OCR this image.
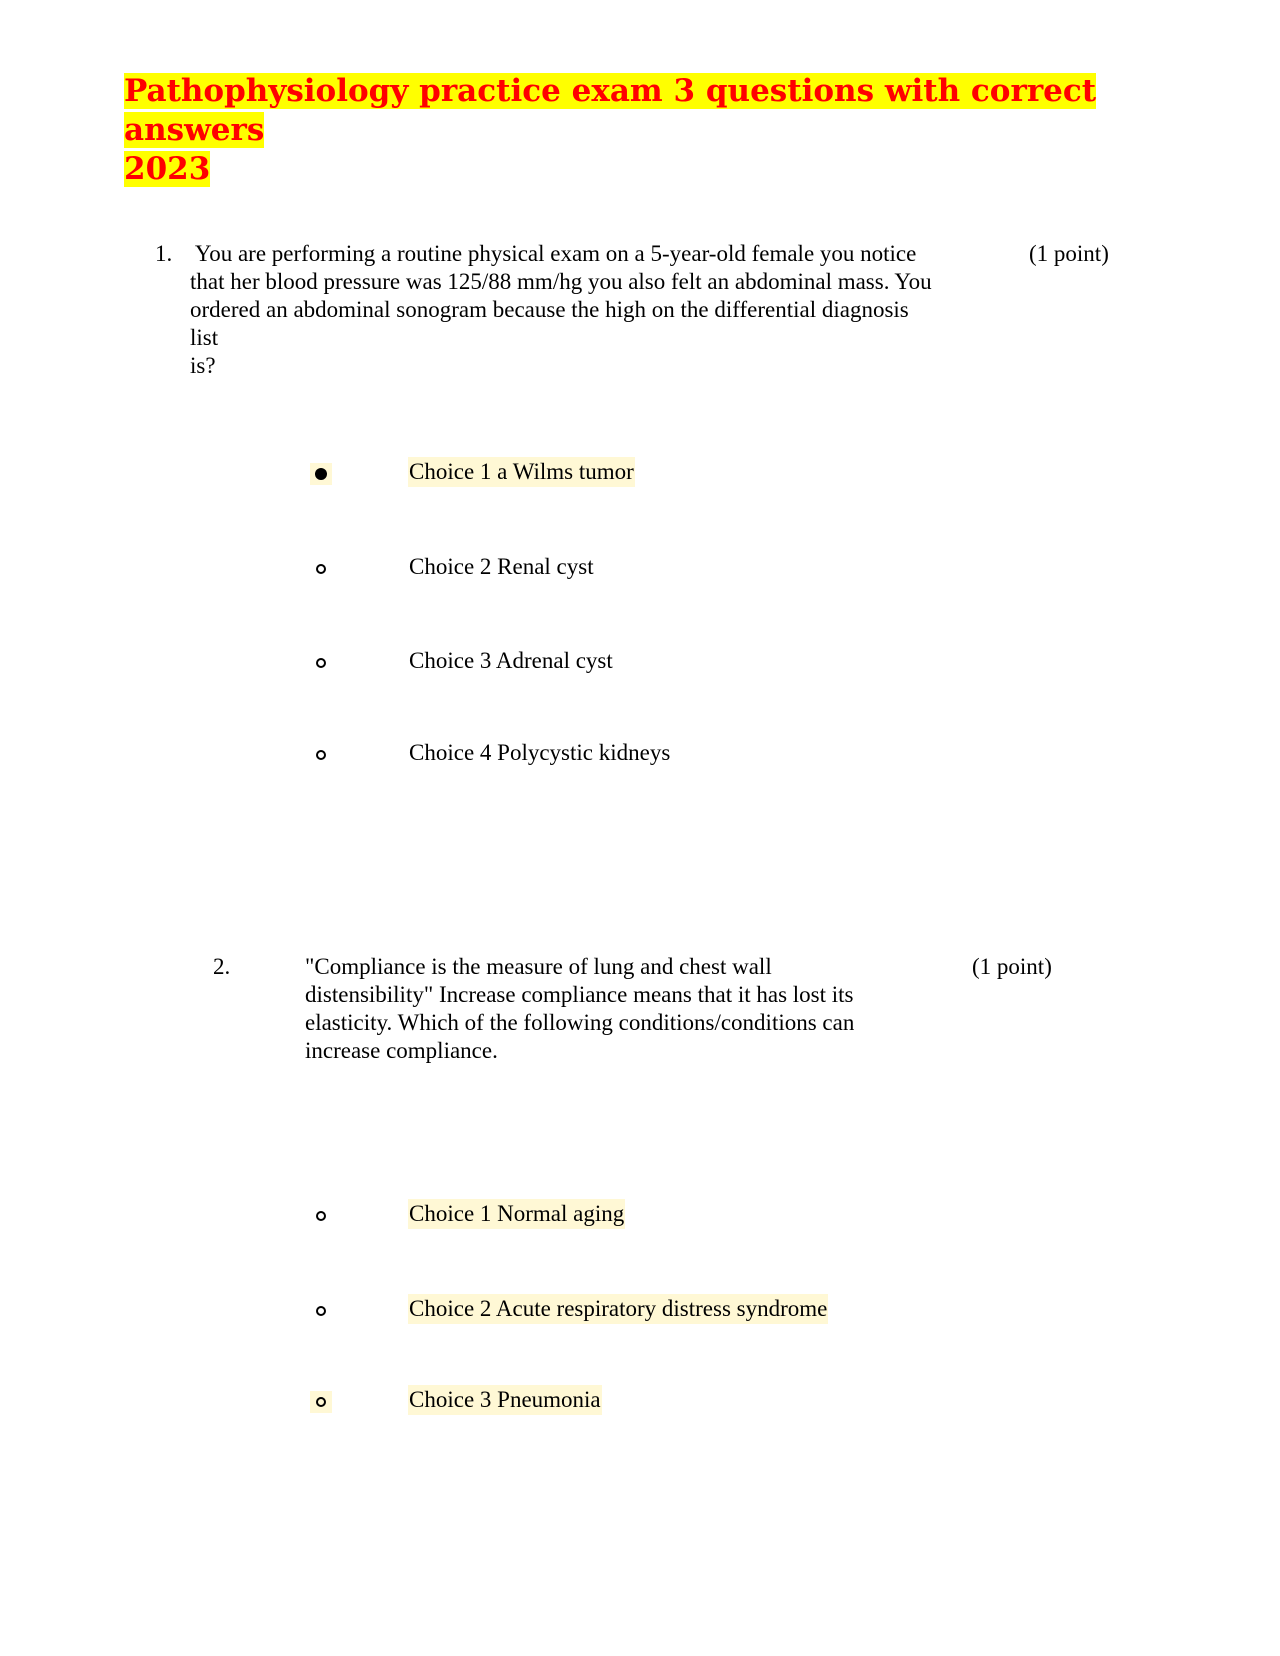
Pathophysiology practice exam 3 questions with correct answers
2023
1. You are performing a routine physical exam on a 5-year-old female you notice
that her blood pressure was 125/88 mm/hg you also felt an abdominal mass. You
ordered an abdominal sonogram because the high on the differential diagnosis
list
is?
(1 point)
Choice 1 a Wilms tumor
Choice 2 Renal cyst
Choice 3 Adrenal cyst
Choice 4 Polycystic kidneys
2.	"Compliance is the measure of lung and chest wall
distensibility" Increase compliance means that it has lost its
elasticity. Which of the following conditions/conditions can
increase compliance.
(1 point)
Choice 1 Normal aging
Choice 2 Acute respiratory distress syndrome
Choice 3 Pneumonia
